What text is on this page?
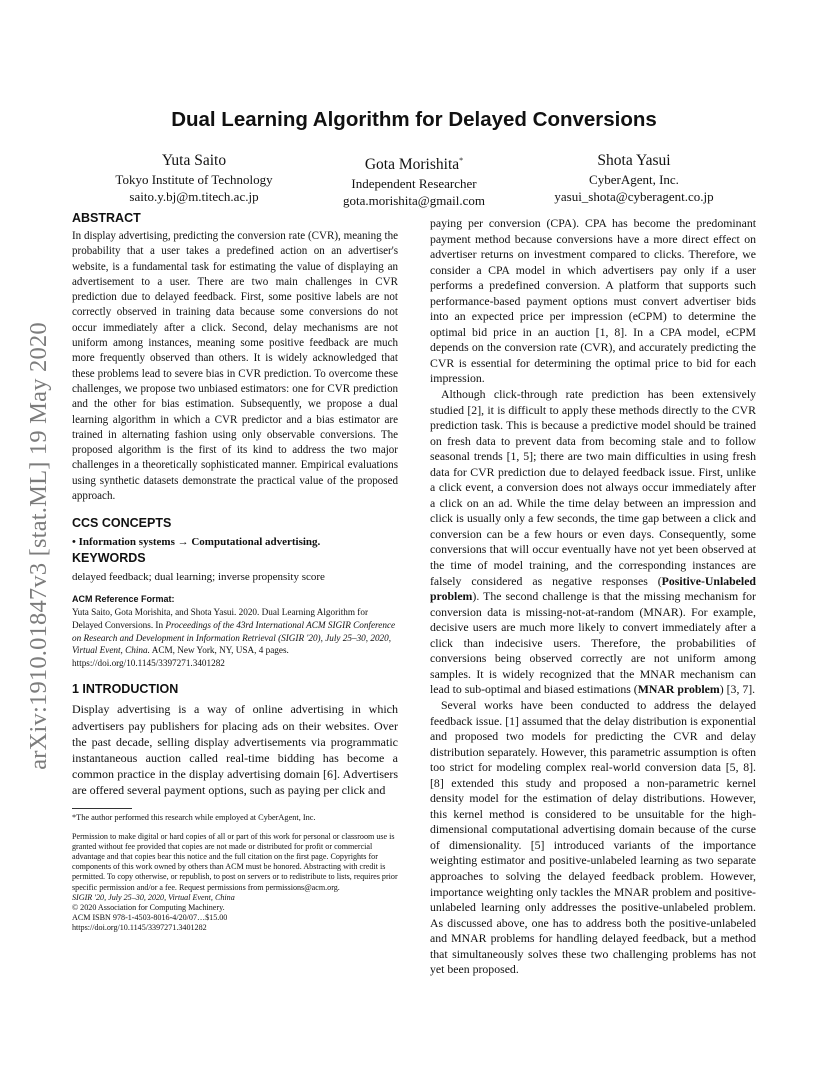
arXiv:1910.01847v3 [stat.ML] 19 May 2020
Dual Learning Algorithm for Delayed Conversions
Yuta Saito
Tokyo Institute of Technology
saito.y.bj@m.titech.ac.jp
Gota Morishita*
Independent Researcher
gota.morishita@gmail.com
Shota Yasui
CyberAgent, Inc.
yasui_shota@cyberagent.co.jp

ABSTRACT

In display advertising, predicting the conversion rate (CVR), meaning the probability that a user takes a predefined action on an advertiser's website, is a fundamental task for estimating the value of displaying an advertisement to a user. There are two main challenges in CVR prediction due to delayed feedback. First, some positive labels are not correctly observed in training data because some conversions do not occur immediately after a click. Second, delay mechanisms are not uniform among instances, meaning some positive feedback are much more frequently observed than others. It is widely acknowledged that these problems lead to severe bias in CVR prediction. To overcome these challenges, we propose two unbiased estimators: one for CVR prediction and the other for bias estimation. Subsequently, we propose a dual learning algorithm in which a CVR predictor and a bias estimator are trained in alternating fashion using only observable conversions. The proposed algorithm is the first of its kind to address the two major challenges in a theoretically sophisticated manner. Empirical evaluations using synthetic datasets demonstrate the practical value of the proposed approach.

CCS CONCEPTS

• Information systems → Computational advertising.

KEYWORDS

delayed feedback; dual learning; inverse propensity score

ACM Reference Format:

Yuta Saito, Gota Morishita, and Shota Yasui. 2020. Dual Learning Algorithm for Delayed Conversions. In Proceedings of the 43rd International ACM SIGIR Conference on Research and Development in Information Retrieval (SIGIR '20), July 25–30, 2020, Virtual Event, China. ACM, New York, NY, USA, 4 pages. https://doi.org/10.1145/3397271.3401282

1 INTRODUCTION

Display advertising is a way of online advertising in which advertisers pay publishers for placing ads on their websites. Over the past decade, selling display advertisements via programmatic instantaneous auction called real-time bidding has become a common practice in the display advertising domain [6]. Advertisers are offered several payment options, such as paying per click and

*The author performed this research while employed at CyberAgent, Inc.

Permission to make digital or hard copies of all or part of this work for personal or classroom use is granted without fee provided that copies are not made or distributed for profit or commercial advantage and that copies bear this notice and the full citation on the first page. Copyrights for components of this work owned by others than ACM must be honored. Abstracting with credit is permitted. To copy otherwise, or republish, to post on servers or to redistribute to lists, requires prior specific permission and/or a fee. Request permissions from permissions@acm.org.

SIGIR '20, July 25–30, 2020, Virtual Event, China

© 2020 Association for Computing Machinery.

ACM ISBN 978-1-4503-8016-4/20/07…$15.00

https://doi.org/10.1145/3397271.3401282

paying per conversion (CPA). CPA has become the predominant payment method because conversions have a more direct effect on advertiser returns on investment compared to clicks. Therefore, we consider a CPA model in which advertisers pay only if a user performs a predefined conversion. A platform that supports such performance-based payment options must convert advertiser bids into an expected price per impression (eCPM) to determine the optimal bid price in an auction [1, 8]. In a CPA model, eCPM depends on the conversion rate (CVR), and accurately predicting the CVR is essential for determining the optimal price to bid for each impression.

Although click-through rate prediction has been extensively studied [2], it is difficult to apply these methods directly to the CVR prediction task. This is because a predictive model should be trained on fresh data to prevent data from becoming stale and to follow seasonal trends [1, 5]; there are two main difficulties in using fresh data for CVR prediction due to delayed feedback issue. First, unlike a click event, a conversion does not always occur immediately after a click on an ad. While the time delay between an impression and click is usually only a few seconds, the time gap between a click and conversion can be a few hours or even days. Consequently, some conversions that will occur eventually have not yet been observed at the time of model training, and the corresponding instances are falsely considered as negative responses (Positive-Unlabeled problem). The second challenge is that the missing mechanism for conversion data is missing-not-at-random (MNAR). For example, decisive users are much more likely to convert immediately after a click than indecisive users. Therefore, the probabilities of conversions being observed correctly are not uniform among samples. It is widely recognized that the MNAR mechanism can lead to sub-optimal and biased estimations (MNAR problem) [3, 7].

Several works have been conducted to address the delayed feedback issue. [1] assumed that the delay distribution is exponential and proposed two models for predicting the CVR and delay distribution separately. However, this parametric assumption is often too strict for modeling complex real-world conversion data [5, 8]. [8] extended this study and proposed a non-parametric kernel density model for the estimation of delay distributions. However, this kernel method is considered to be unsuitable for the high-dimensional computational advertising domain because of the curse of dimensionality. [5] introduced variants of the importance weighting estimator and positive-unlabeled learning as two separate approaches to solving the delayed feedback problem. However, importance weighting only tackles the MNAR problem and positive-unlabeled learning only addresses the positive-unlabeled problem. As discussed above, one has to address both the positive-unlabeled and MNAR problems for handling delayed feedback, but a method that simultaneously solves these two challenging problems has not yet been proposed.
